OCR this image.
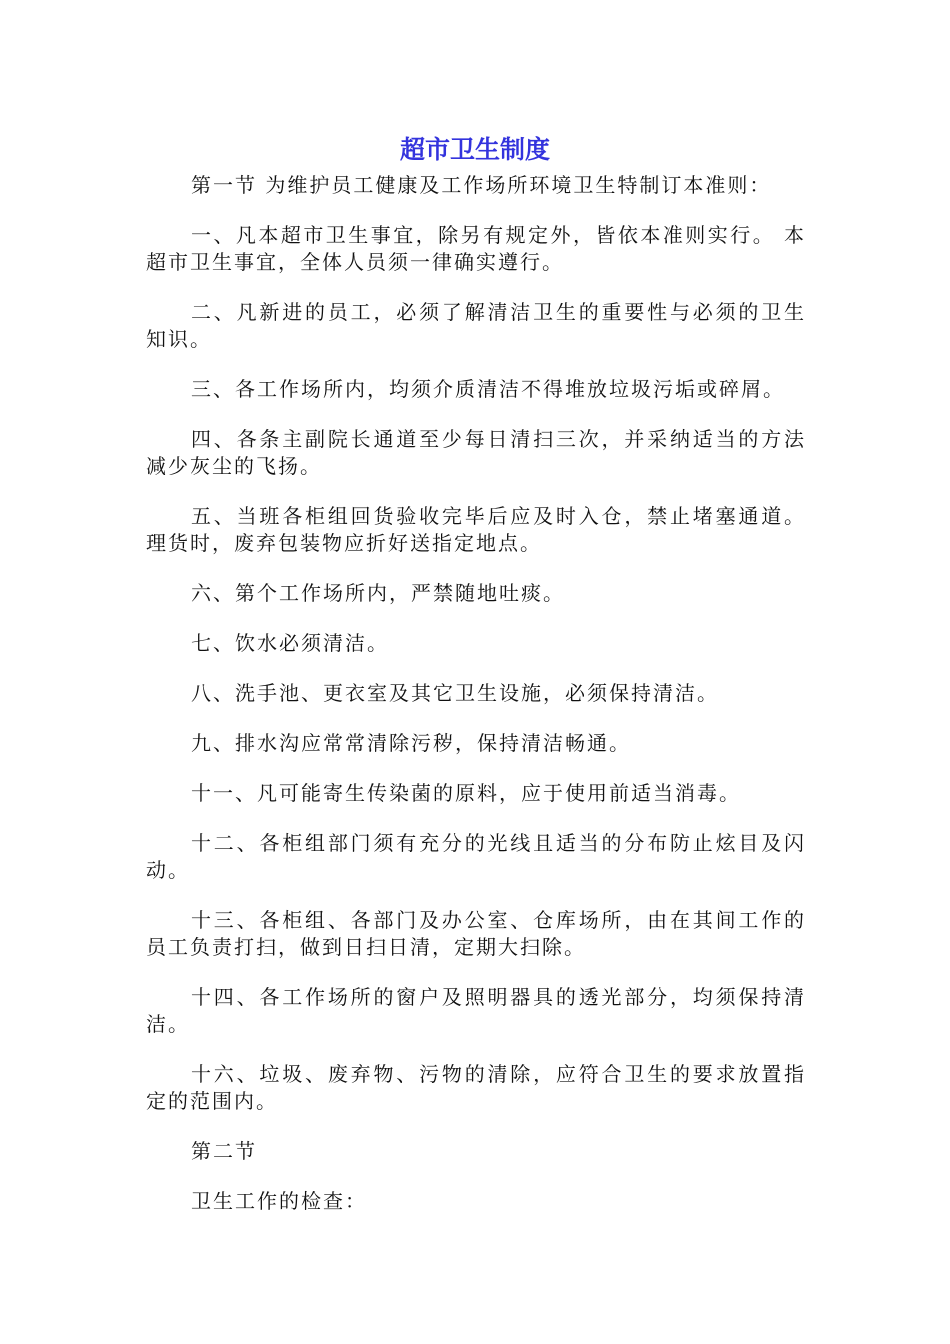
超市卫生制度

第一节 为维护员工健康及工作场所环境卫生特制订本准则：

一、凡本超市卫生事宜，除另有规定外，皆依本准则实行。 本超市卫生事宜，全体人员须一律确实遵行。

二、凡新进的员工，必须了解清洁卫生的重要性与必须的卫生知识。

三、各工作场所内，均须介质清洁不得堆放垃圾污垢或碎屑。

四、各条主副院长通道至少每日清扫三次，并采纳适当的方法减少灰尘的飞扬。

五、当班各柜组回货验收完毕后应及时入仓，禁止堵塞通道。理货时，废弃包装物应折好送指定地点。

六、第个工作场所内，严禁随地吐痰。

七、饮水必须清洁。

八、洗手池、更衣室及其它卫生设施，必须保持清洁。

九、排水沟应常常清除污秽，保持清洁畅通。

十一、凡可能寄生传染菌的原料，应于使用前适当消毒。

十二、各柜组部门须有充分的光线且适当的分布防止炫目及闪动。

十三、各柜组、各部门及办公室、仓库场所，由在其间工作的员工负责打扫，做到日扫日清，定期大扫除。

十四、各工作场所的窗户及照明器具的透光部分，均须保持清洁。

十六、垃圾、废弃物、污物的清除，应符合卫生的要求放置指定的范围内。

第二节

卫生工作的检查：
